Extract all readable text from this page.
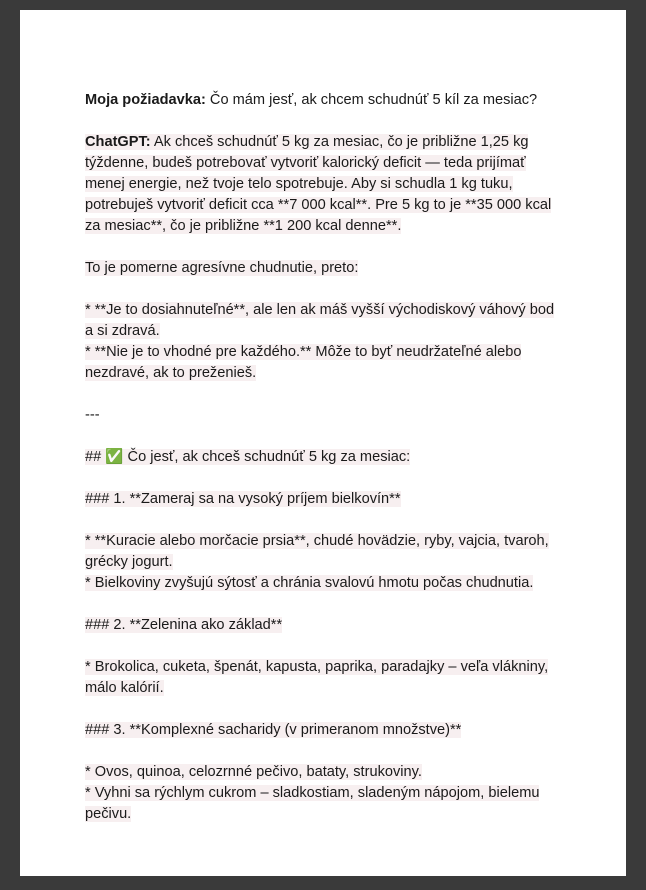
Moja požiadavka: Čo mám jesť, ak chcem schudnúť 5 kíl za mesiac?

ChatGPT: Ak chceš schudnúť 5 kg za mesiac, čo je približne 1,25 kg týždenne, budeš potrebovať vytvoriť kalorický deficit — teda prijímať menej energie, než tvoje telo spotrebuje. Aby si schudla 1 kg tuku, potrebuješ vytvoriť deficit cca **7 000 kcal**. Pre 5 kg to je **35 000 kcal za mesiac**, čo je približne **1 200 kcal denne**.

To je pomerne agresívne chudnutie, preto:

* **Je to dosiahnuteľné**, ale len ak máš vyšší východiskový váhový bod a si zdravá.
* **Nie je to vhodné pre každého.** Môže to byť neudržateľné alebo nezdravé, ak to preženieš.

---

## ✅ Čo jesť, ak chceš schudnúť 5 kg za mesiac:

### 1. **Zameraj sa na vysoký príjem bielkovín**

* **Kuracie alebo morčacie prsia**, chudé hovädzie, ryby, vajcia, tvaroh, grécky jogurt.
* Bielkoviny zvyšujú sýtosť a chránia svalovú hmotu počas chudnutia.

### 2. **Zelenina ako základ**

* Brokolica, cuketa, špenát, kapusta, paprika, paradajky – veľa vlákniny, málo kalórií.

### 3. **Komplexné sacharidy (v primeranom množstve)**

* Ovos, quinoa, celozrnné pečivo, bataty, strukoviny.
* Vyhni sa rýchlym cukrom – sladkostiam, sladeným nápojom, bielemu pečivu.
